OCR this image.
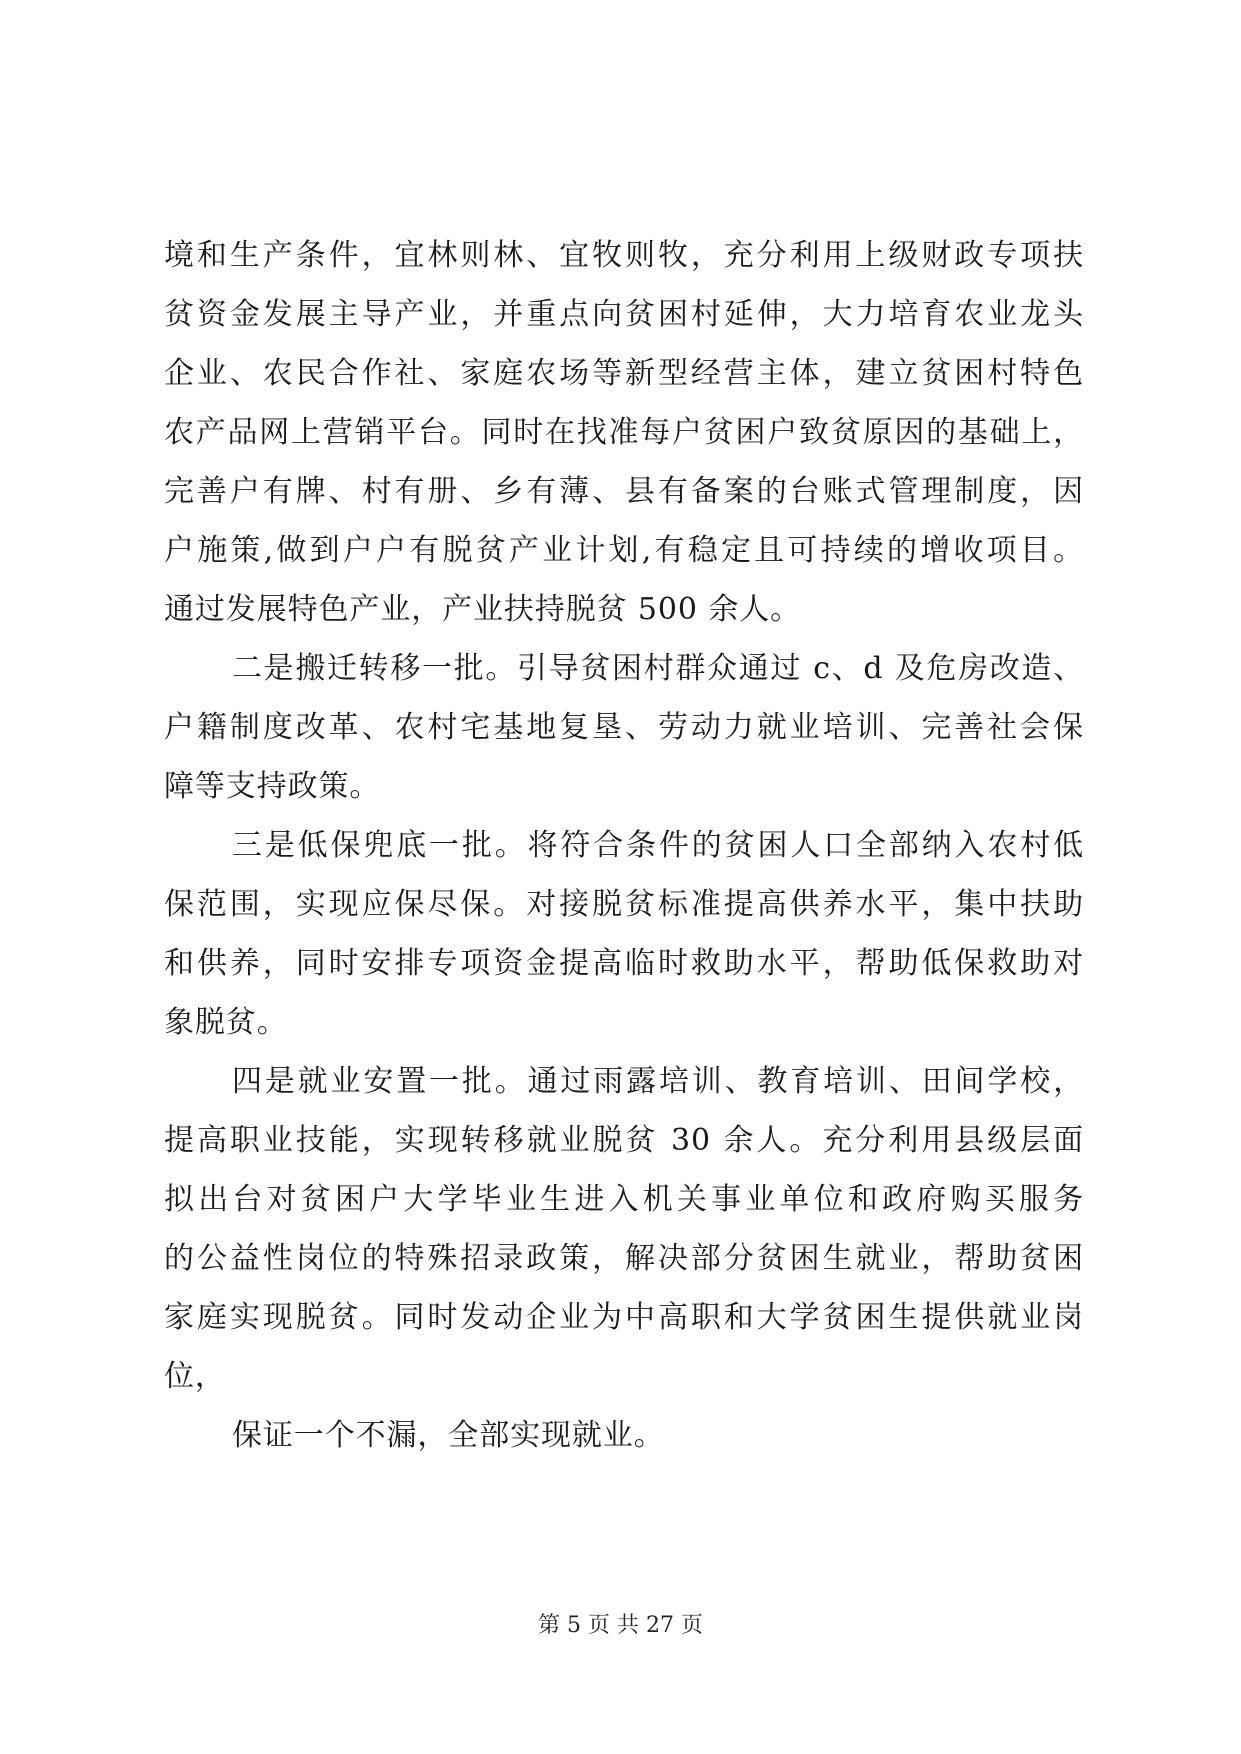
境和生产条件，宜林则林、宜牧则牧，充分利用上级财政专项扶
贫资金发展主导产业，并重点向贫困村延伸，大力培育农业龙头
企业、农民合作社、家庭农场等新型经营主体，建立贫困村特色
农产品网上营销平台。同时在找准每户贫困户致贫原因的基础上，
完善户有牌、村有册、乡有薄、县有备案的台账式管理制度，因
户施策,做到户户有脱贫产业计划,有稳定且可持续的增收项目。
通过发展特色产业，产业扶持脱贫 500 余人。
二是搬迁转移一批。引导贫困村群众通过 c、d 及危房改造、
户籍制度改革、农村宅基地复垦、劳动力就业培训、完善社会保
障等支持政策。
三是低保兜底一批。将符合条件的贫困人口全部纳入农村低
保范围，实现应保尽保。对接脱贫标准提高供养水平，集中扶助
和供养，同时安排专项资金提高临时救助水平，帮助低保救助对
象脱贫。
四是就业安置一批。通过雨露培训、教育培训、田间学校，
提高职业技能，实现转移就业脱贫 30 余人。充分利用县级层面
拟出台对贫困户大学毕业生进入机关事业单位和政府购买服务
的公益性岗位的特殊招录政策，解决部分贫困生就业，帮助贫困
家庭实现脱贫。同时发动企业为中高职和大学贫困生提供就业岗
位，
保证一个不漏，全部实现就业。
第 5 页 共 27 页
